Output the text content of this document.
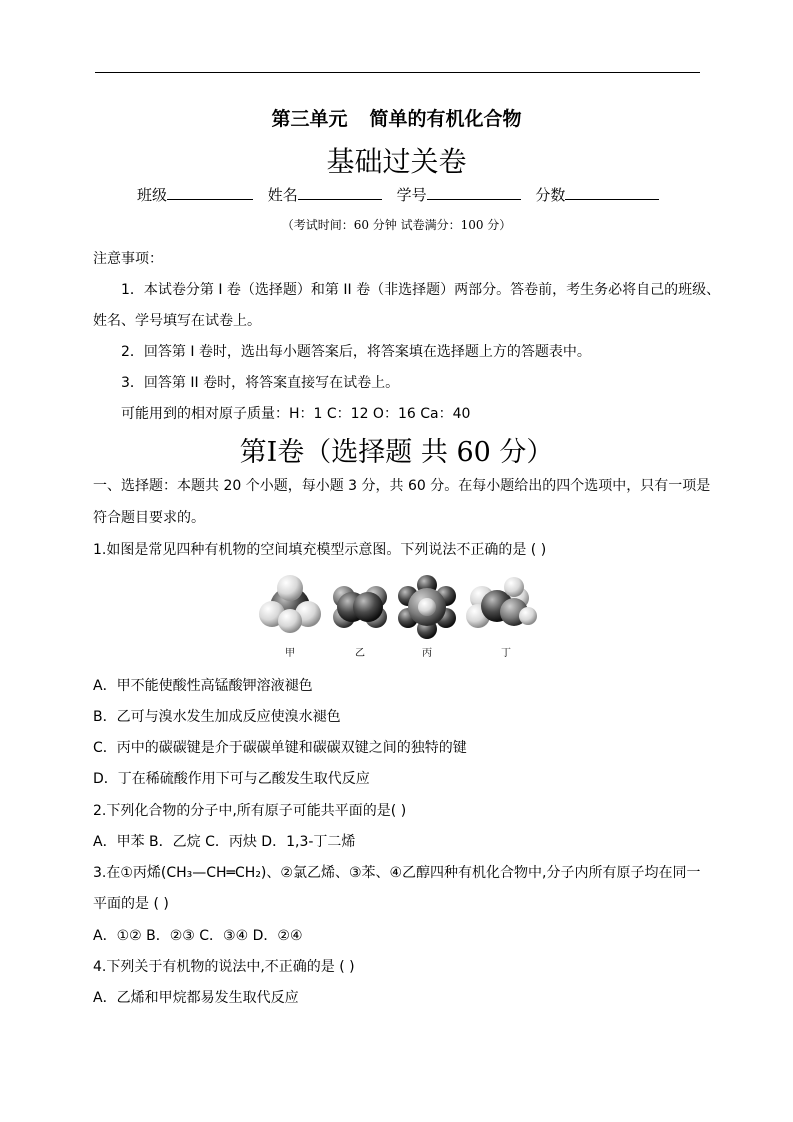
第三单元 简单的有机化合物
基础过关卷
班级	姓名	学号	分数
（考试时间：60 分钟 试卷满分：100 分）
注意事项：
1．本试卷分第 I 卷（选择题）和第 II 卷（非选择题）两部分。答卷前，考生务必将自己的班级、
姓名、学号填写在试卷上。
2．回答第 I 卷时，选出每小题答案后，将答案填在选择题上方的答题表中。
3．回答第 II 卷时，将答案直接写在试卷上。
可能用到的相对原子质量：H：1 C：12 O：16 Ca：40
第I卷（选择题 共 60 分）
一、选择题：本题共 20 个小题，每小题 3 分，共 60 分。在每小题给出的四个选项中，只有一项是
符合题目要求的。
1.如图是常见四种有机物的空间填充模型示意图。下列说法不正确的是 ( )
甲	乙	丙	丁
A．甲不能使酸性高锰酸钾溶液褪色
B．乙可与溴水发生加成反应使溴水褪色
C．丙中的碳碳键是介于碳碳单键和碳碳双键之间的独特的键
D．丁在稀硫酸作用下可与乙酸发生取代反应
2.下列化合物的分子中,所有原子可能共平面的是( )
A．甲苯 B．乙烷 C．丙炔 D．1,3-丁二烯
3.在①丙烯(CH₃—CH═CH₂)、②氯乙烯、③苯、④乙醇四种有机化合物中,分子内所有原子均在同一
平面的是 ( )
A．①② B．②③ C．③④ D．②④
4.下列关于有机物的说法中,不正确的是 ( )
A．乙烯和甲烷都易发生取代反应
